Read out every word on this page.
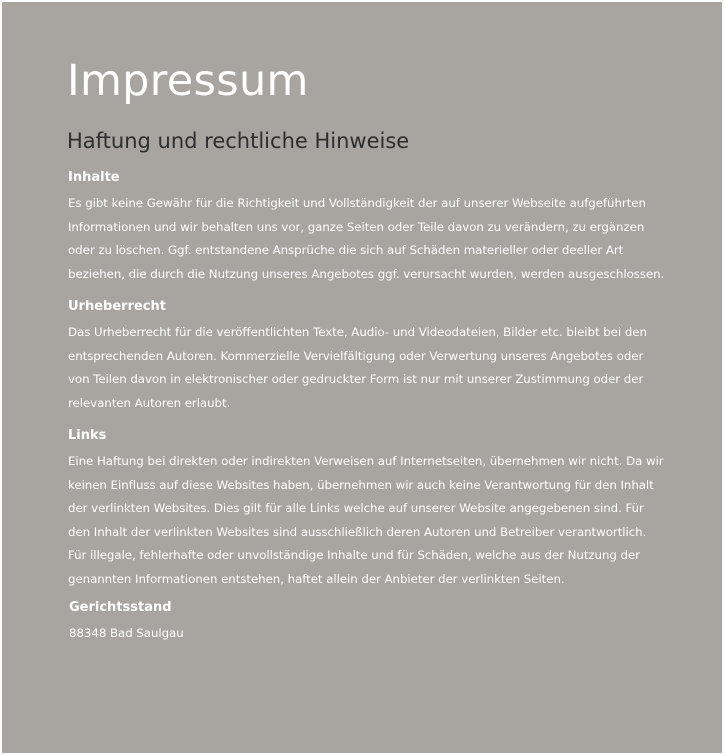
Impressum
Haftung und rechtliche Hinweise
Inhalte

Es gibt keine Gewähr für die Richtigkeit und Vollständigkeit der auf unserer Webseite aufgeführten Informationen und wir behalten uns vor, ganze Seiten oder Teile davon zu verändern, zu ergänzen oder zu löschen. Ggf. entstandene Ansprüche die sich auf Schäden materieller oder deeller Art beziehen, die durch die Nutzung unseres Angebotes ggf. verursacht wurden, werden ausgeschlossen.

Urheberrecht

Das Urheberrecht für die veröffentlichten Texte, Audio- und Videodateien, Bilder etc. bleibt bei den entsprechenden Autoren. Kommerzielle Vervielfältigung oder Verwertung unseres Angebotes oder von Teilen davon in elektronischer oder gedruckter Form ist nur mit unserer Zustimmung oder der relevanten Autoren erlaubt.

Links

Eine Haftung bei direkten oder indirekten Verweisen auf Internetseiten, übernehmen wir nicht. Da wir keinen Einfluss auf diese Websites haben, übernehmen wir auch keine Verantwortung für den Inhalt der verlinkten Websites. Dies gilt für alle Links welche auf unserer Website angegebenen sind. Für den Inhalt der verlinkten Websites sind ausschließlich deren Autoren und Betreiber verantwortlich. Für illegale, fehlerhafte oder unvollständige Inhalte und für Schäden, welche aus der Nutzung der genannten Informationen entstehen, haftet allein der Anbieter der verlinkten Seiten.

Gerichtsstand

88348 Bad Saulgau
